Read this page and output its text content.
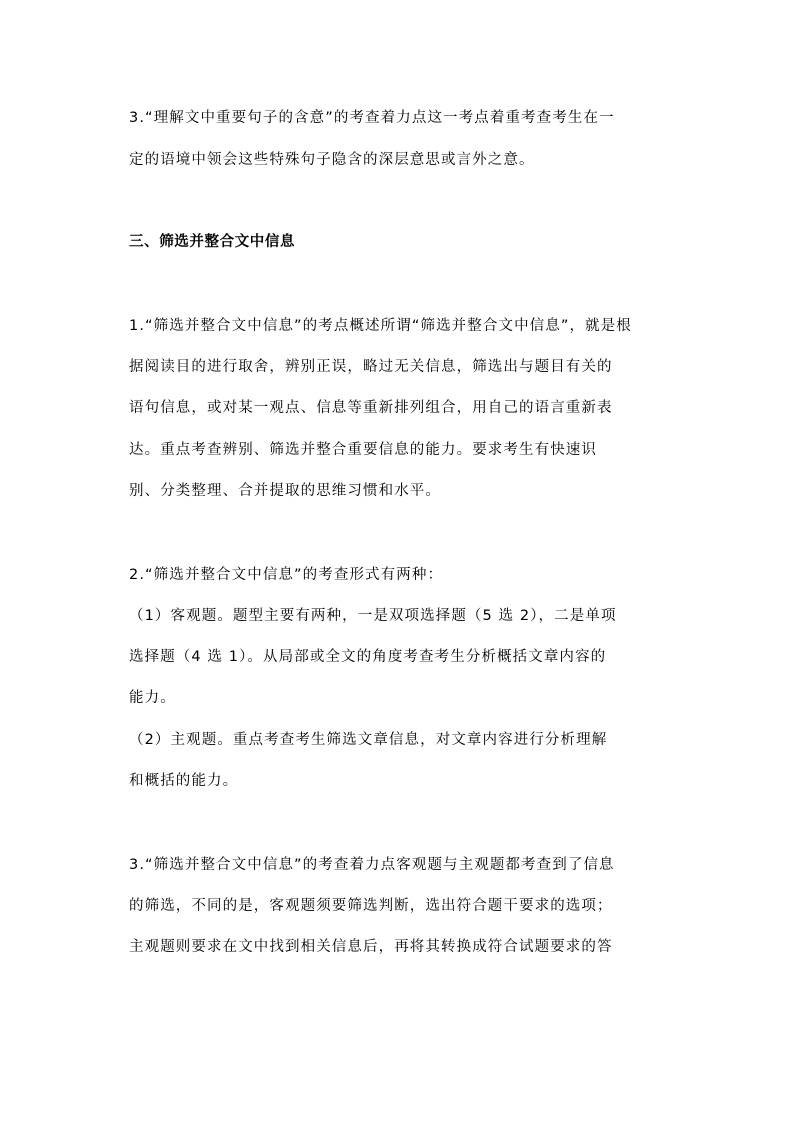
3.“理解文中重要句子的含意”的考查着力点这一考点着重考查考生在一
定的语境中领会这些特殊句子隐含的深层意思或言外之意。
三、筛选并整合文中信息
1.“筛选并整合文中信息”的考点概述所谓“筛选并整合文中信息”，就是根
据阅读目的进行取舍，辨别正误，略过无关信息，筛选出与题目有关的
语句信息，或对某一观点、信息等重新排列组合，用自己的语言重新表
达。重点考查辨别、筛选并整合重要信息的能力。要求考生有快速识
别、分类整理、合并提取的思维习惯和水平。
2.“筛选并整合文中信息”的考查形式有两种：
（1）客观题。题型主要有两种，一是双项选择题（5 选 2），二是单项
选择题（4 选 1）。从局部或全文的角度考查考生分析概括文章内容的
能力。
（2）主观题。重点考查考生筛选文章信息，对文章内容进行分析理解
和概括的能力。
3.“筛选并整合文中信息”的考查着力点客观题与主观题都考查到了信息
的筛选，不同的是，客观题须要筛选判断，选出符合题干要求的选项；
主观题则要求在文中找到相关信息后，再将其转换成符合试题要求的答
